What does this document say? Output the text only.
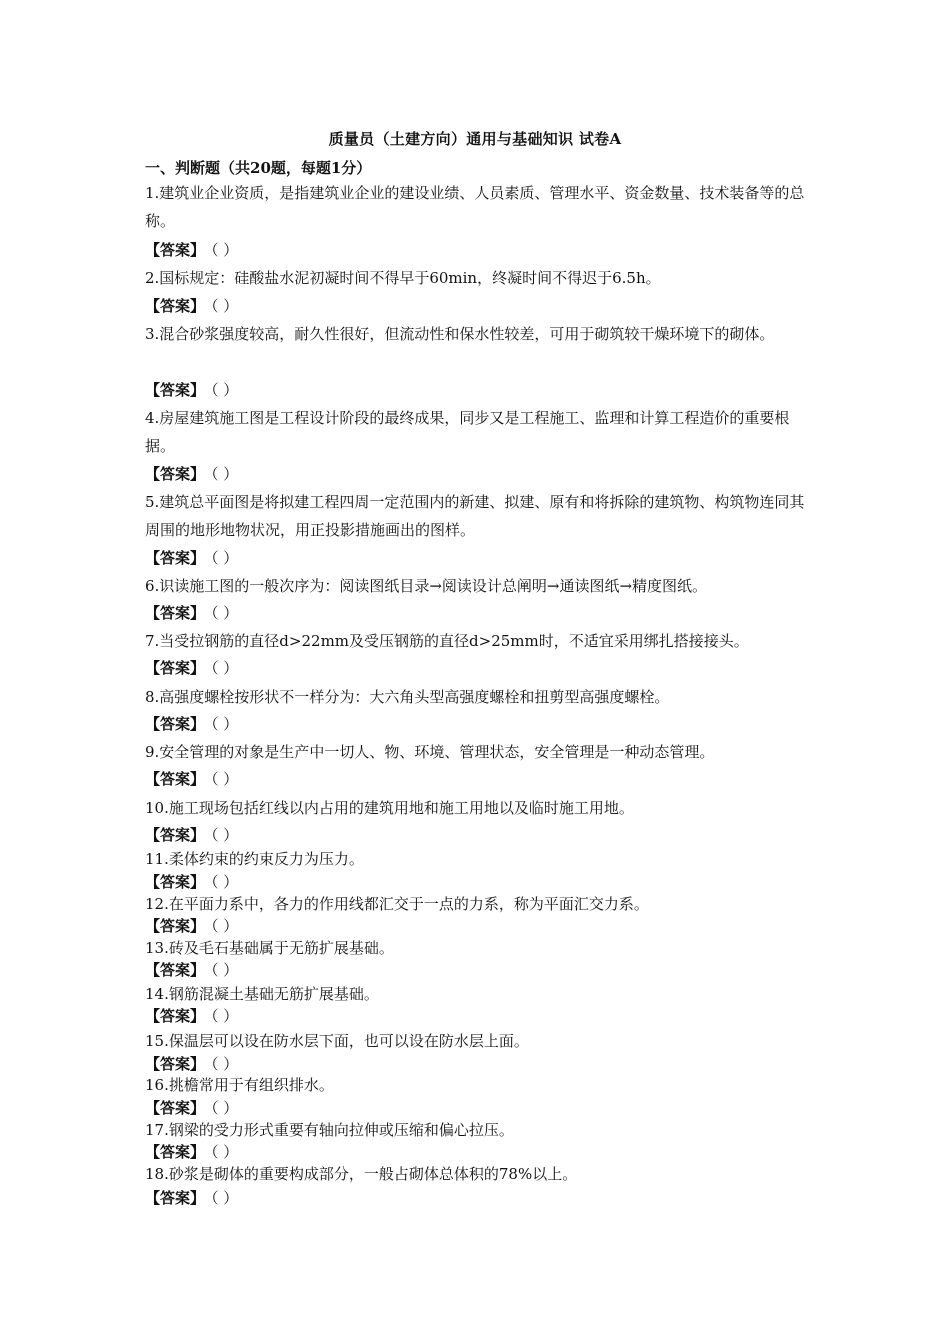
质量员（土建方向）通用与基础知识 试卷A
一、判断题（共20题，每题1分）
1.建筑业企业资质，是指建筑业企业的建设业绩、人员素质、管理水平、资金数量、技术装备等的总称。
【答案】 （ ）
2.国标规定：硅酸盐水泥初凝时间不得早于60min，终凝时间不得迟于6.5h。
【答案】 （ ）
3.混合砂浆强度较高，耐久性很好，但流动性和保水性较差，可用于砌筑较干燥环境下的砌体。
【答案】 （ ）
4.房屋建筑施工图是工程设计阶段的最终成果，同步又是工程施工、监理和计算工程造价的重要根据。
【答案】 （ ）
5.建筑总平面图是将拟建工程四周一定范围内的新建、拟建、原有和将拆除的建筑物、构筑物连同其周围的地形地物状况，用正投影措施画出的图样。
【答案】 （ ）
6.识读施工图的一般次序为：阅读图纸目录→阅读设计总阐明→通读图纸→精度图纸。
【答案】 （ ）
7.当受拉钢筋的直径d>22mm及受压钢筋的直径d>25mm时，不适宜采用绑扎搭接接头。
【答案】 （ ）
8.高强度螺栓按形状不一样分为：大六角头型高强度螺栓和扭剪型高强度螺栓。
【答案】 （ ）
9.安全管理的对象是生产中一切人、物、环境、管理状态，安全管理是一种动态管理。
【答案】 （ ）
10.施工现场包括红线以内占用的建筑用地和施工用地以及临时施工用地。
【答案】 （ ）
11.柔体约束的约束反力为压力。
【答案】 （ ）
12.在平面力系中，各力的作用线都汇交于一点的力系，称为平面汇交力系。
【答案】 （ ）
13.砖及毛石基础属于无筋扩展基础。
【答案】 （ ）
14.钢筋混凝土基础无筋扩展基础。
【答案】 （ ）
15.保温层可以设在防水层下面，也可以设在防水层上面。
【答案】 （ ）
16.挑檐常用于有组织排水。
【答案】 （ ）
17.钢梁的受力形式重要有轴向拉伸或压缩和偏心拉压。
【答案】 （ ）
18.砂浆是砌体的重要构成部分，一般占砌体总体积的78%以上。
【答案】 （ ）
